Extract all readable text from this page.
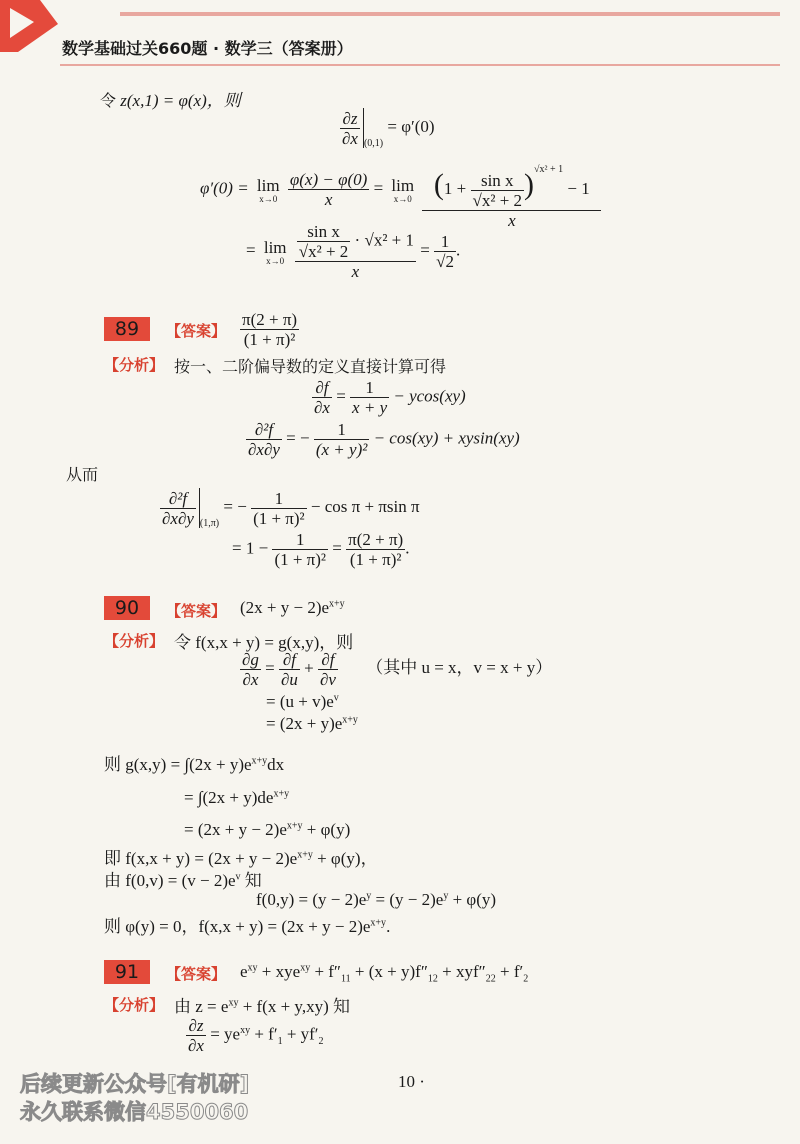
数学基础过关660题 · 数学三（答案册）
令 z(x,1) = φ(x)，则
$\frac{\partial z}{\partial x} _{(0,1)} = \varphi'(0)$
φ′(0) = lim
x→0
$\frac{\varphi(x) - \varphi(0)}{x} = \lim$
x→0
$\frac{(1 + \frac{\text{sin x}}{\text{√x² + 2}} )^{√x^2 + 1} - 1}{x}$
= lim
x→0
$\frac{\frac{\text{sin x}}{\text{√x² + 2}} \cdot √x^2 + 1}{x} = \frac{1}{√2}$ .
89	【答案】 $\frac{\pi(2 + \pi)}{\text{(1 + π)²}}$
【分析】 按一、二阶偏导数的定义直接计算可得
$\frac{\partial f}{\partial x} = \frac{1}{x + y} - ycos(xy)$
$\frac{\text{∂²f}}{\partial x\partial y}$ = − $\frac{1}{\text{(x + y)²}} - \cos(xy) + xysin(xy)$
从而
$\frac{\text{∂²f}}{\partial x\partial y} _{(1,\pi)}$ = − $\frac{1}{\text{(1 + π)²}} - \cos \pi + \pi\sin$ π
= $1 - \frac{1}{\text{(1 + π)²}} = \frac{\pi(2 + \pi)}{\text{(1 + π)²}}$ .
90	【答案】 $(2x + y - 2)e^{x+y}$
【分析】 令 f(x,x + y) = g(x,y)，则
$\frac{\partial g}{\partial x} = \frac{\partial f}{\partial u} + \frac{\partial f}{\partial v}$ （其中 u = x，v = x + y）
= $(u + v)e^v$
= $(2x + y)e^{x+y}$
则 $g(x,y) = \int(2x + y)e^{x+y}dx$
= $\int(2x + y)de^{x+y}$
= $(2x + y - 2)e^{x+y} + \varphi(y)$
即 $f(x,x + y) = (2x + y - 2)e^{x+y} + \varphi(y)$，
由 $f(0,v) = (v - 2)e^v$ 知
$f(0,y) = (y - 2)e^y = (y - 2)e^y + \varphi(y)$
则 φ(y) = 0，$f(x,x + y) = (2x + y - 2)e^{x+y}$.
91	【答案】 $e^{xy} + xye^{xy} + f''_{11} + (x + y)f''_{12} + xyf''_{22} + f'_2$
【分析】 由 $z = e^{xy} + f(x + y,xy)$ 知
$\frac{\partial z}{\partial x} = ye^{xy} + f'_1 + yf'_2$
10 ·
后续更新公众号[有机研]
永久联系微信4550060
